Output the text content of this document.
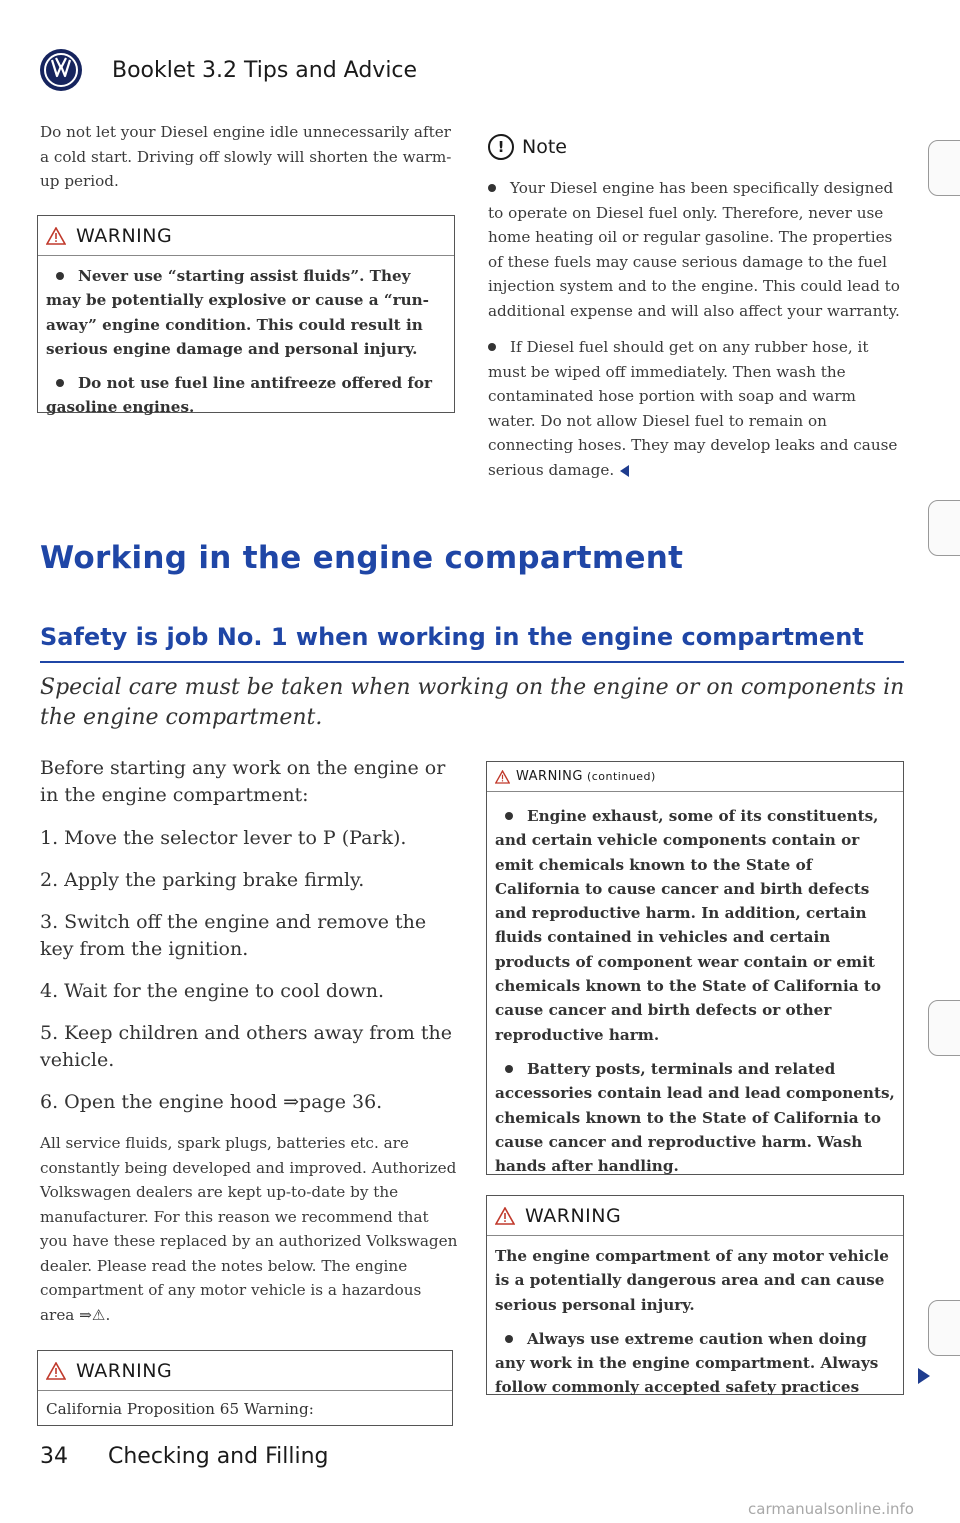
Booklet 3.2 Tips and Advice

Do not let your Diesel engine idle unnecessarily after a cold start. Driving off slowly will shorten the warm-up period.

WARNING

Never use “starting assist fluids”. They may be potentially explosive or cause a “run-away” engine condition. This could result in serious engine damage and personal injury.

Do not use fuel line antifreeze offered for gasoline engines.

! Note

Your Diesel engine has been specifically designed to operate on Diesel fuel only. Therefore, never use home heating oil or regular gasoline. The properties of these fuels may cause serious damage to the fuel injection system and to the engine. This could lead to additional expense and will also affect your warranty.

If Diesel fuel should get on any rubber hose, it must be wiped off immediately. Then wash the contaminated hose portion with soap and warm water. Do not allow Diesel fuel to remain on connecting hoses. They may develop leaks and cause serious damage.

Working in the engine compartment
Safety is job No. 1 when working in the engine compartment

Special care must be taken when working on the engine or on components in the engine compartment.

Before starting any work on the engine or in the engine compartment:

1. Move the selector lever to P (Park).
2. Apply the parking brake firmly.
3. Switch off the engine and remove the key from the ignition.
4. Wait for the engine to cool down.
5. Keep children and others away from the vehicle.
6. Open the engine hood ⇒page 36.

All service fluids, spark plugs, batteries etc. are constantly being developed and improved. Authorized Volkswagen dealers are kept up-to-date by the manufacturer. For this reason we recommend that you have these replaced by an authorized Volkswagen dealer. Please read the notes below. The engine compartment of any motor vehicle is a hazardous area ⇒⚠.

WARNING
California Proposition 65 Warning:
WARNING (continued)

Engine exhaust, some of its constituents, and certain vehicle components contain or emit chemicals known to the State of California to cause cancer and birth defects and reproductive harm. In addition, certain fluids contained in vehicles and certain products of component wear contain or emit chemicals known to the State of California to cause cancer and birth defects or other reproductive harm.

Battery posts, terminals and related accessories contain lead and lead components, chemicals known to the State of California to cause cancer and reproductive harm. Wash hands after handling.

WARNING

The engine compartment of any motor vehicle is a potentially dangerous area and can cause serious personal injury.

Always use extreme caution when doing any work in the engine compartment. Always follow commonly accepted safety practices

34 Checking and Filling
carmanualsonline.info
